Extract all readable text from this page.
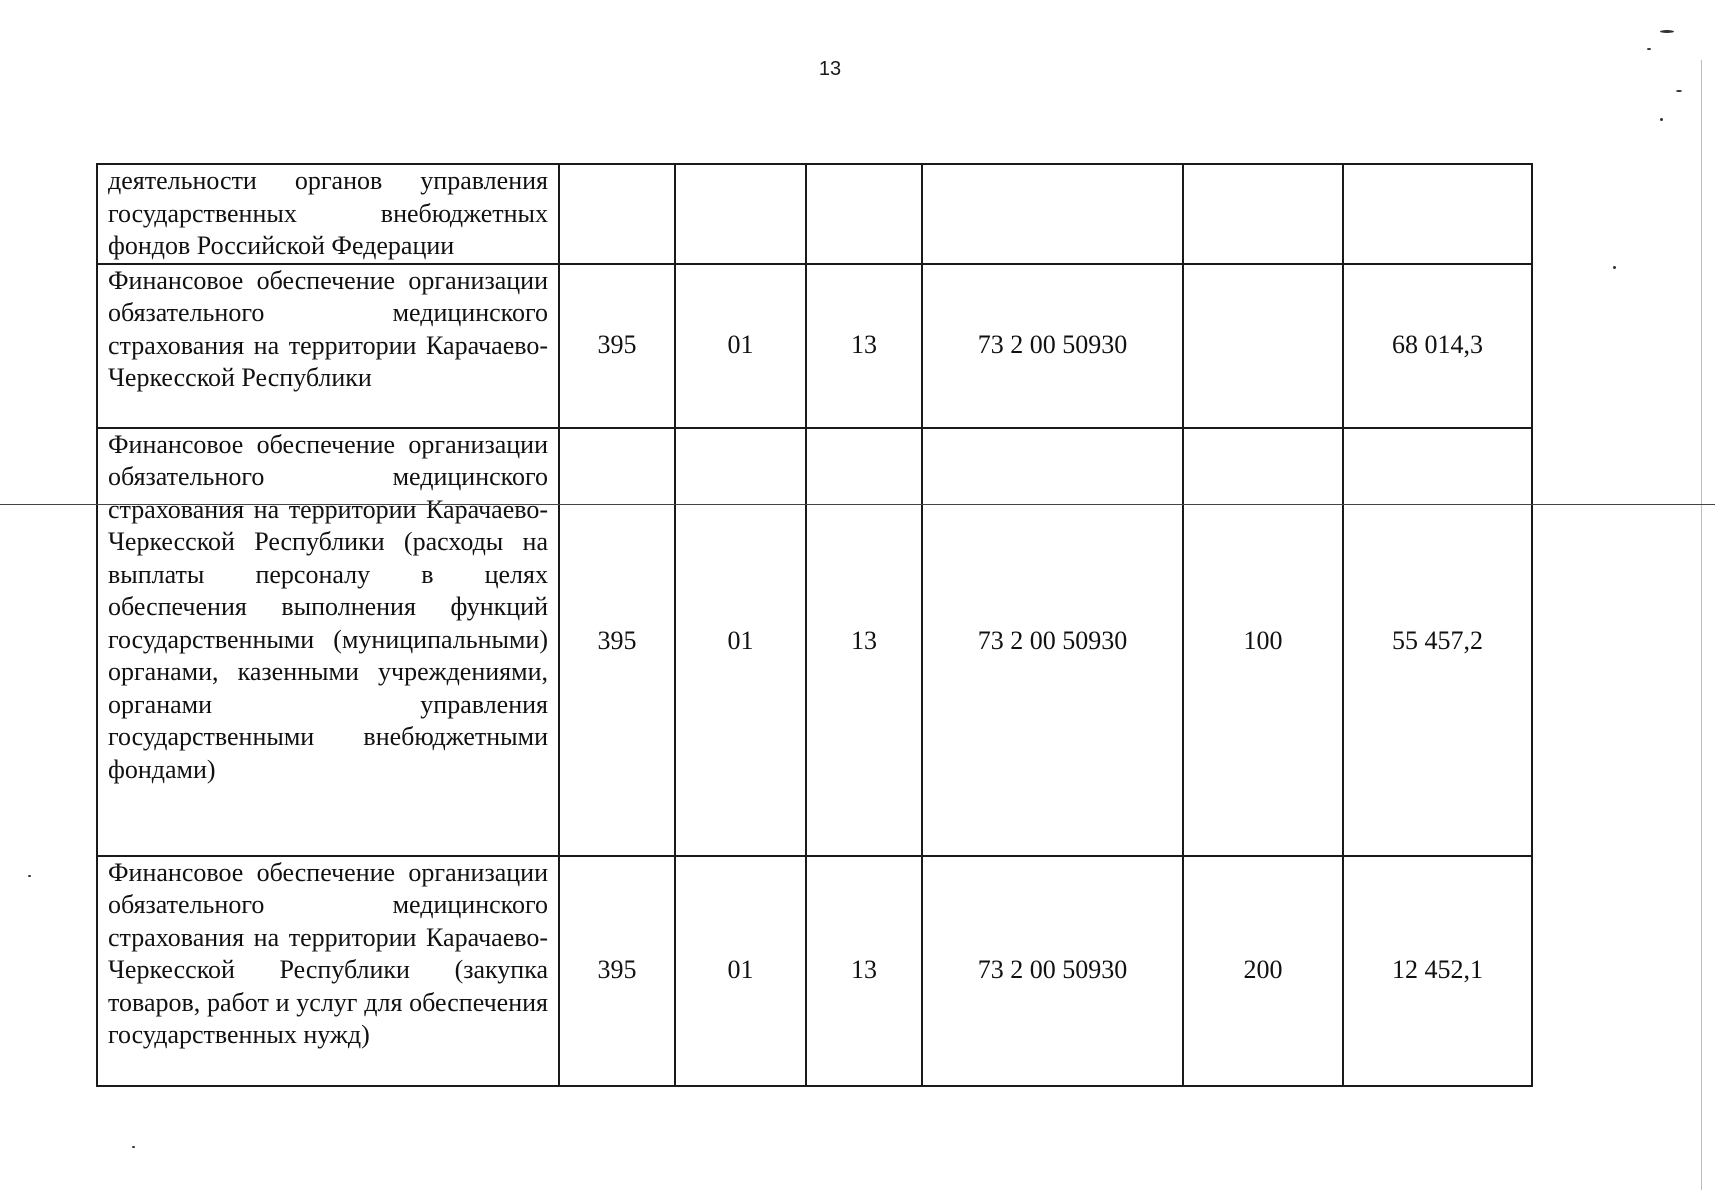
13
деятельности органов управления государственных внебюджетных фондов Российской Федерации						
Финансовое обеспечение организации обязательного медицинского страхования на территории Карачаево-Черкесской Республики	395	01	13	73 2 00 50930		68 014,3
Финансовое обеспечение организации обязательного медицинского страхования на территории Карачаево-Черкесской Республики (расходы на выплаты персоналу в целях обеспечения выполнения функций государственными (муниципальными) органами, казенными учреждениями, органами управления государственными внебюджетными фондами)	395	01	13	73 2 00 50930	100	55 457,2
Финансовое обеспечение организации обязательного медицинского страхования на территории Карачаево-Черкесской Республики (закупка товаров, работ и услуг для обеспечения государственных нужд)	395	01	13	73 2 00 50930	200	12 452,1
